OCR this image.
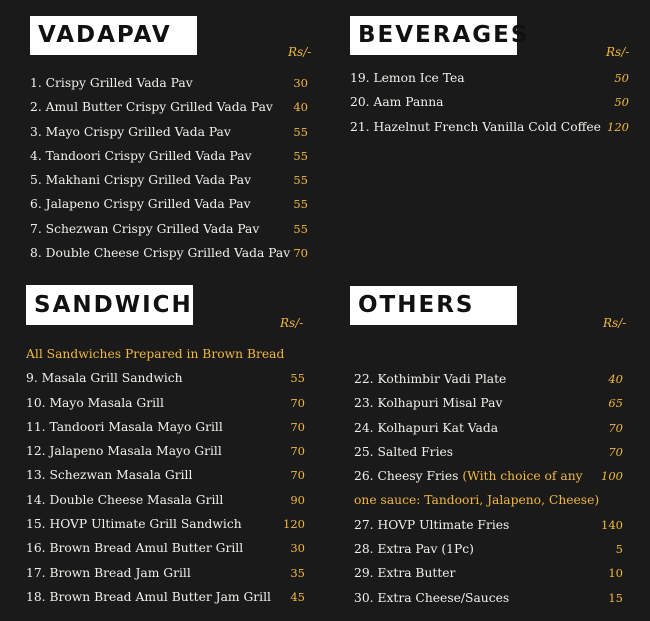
VADAPAV
Rs/-
1. Crispy Grilled Vada Pav	30
2. Amul Butter Crispy Grilled Vada Pav 40
3. Mayo Crispy Grilled Vada Pav	55
4. Tandoori Crispy Grilled Vada Pav	55
5. Makhani Crispy Grilled Vada Pav	55
6. Jalapeno Crispy Grilled Vada Pav	55
7. Schezwan Crispy Grilled Vada Pav	55
8. Double Cheese Crispy Grilled Vada Pav 70
BEVERAGES
Rs/-
19. Lemon Ice Tea	50
20. Aam Panna	50
21. Hazelnut French Vanilla Cold Coffee 120
SANDWICH
Rs/-
All Sandwiches Prepared in Brown Bread
9. Masala Grill Sandwich	55
10. Mayo Masala Grill	70
11. Tandoori Masala Mayo Grill	70
12. Jalapeno Masala Mayo Grill	70
13. Schezwan Masala Grill	70
14. Double Cheese Masala Grill	90
15. HOVP Ultimate Grill Sandwich	120
16. Brown Bread Amul Butter Grill	30
17. Brown Bread Jam Grill	35
18. Brown Bread Amul Butter Jam Grill 45
OTHERS
Rs/-
22. Kothimbir Vadi Plate	40
23. Kolhapuri Misal Pav	65
24. Kolhapuri Kat Vada	70
25. Salted Fries	70
26. Cheesy Fries (With choice of any 100
one sauce: Tandoori, Jalapeno, Cheese)
27. HOVP Ultimate Fries	140
28. Extra Pav (1Pc)	5
29. Extra Butter	10
30. Extra Cheese/Sauces	15
